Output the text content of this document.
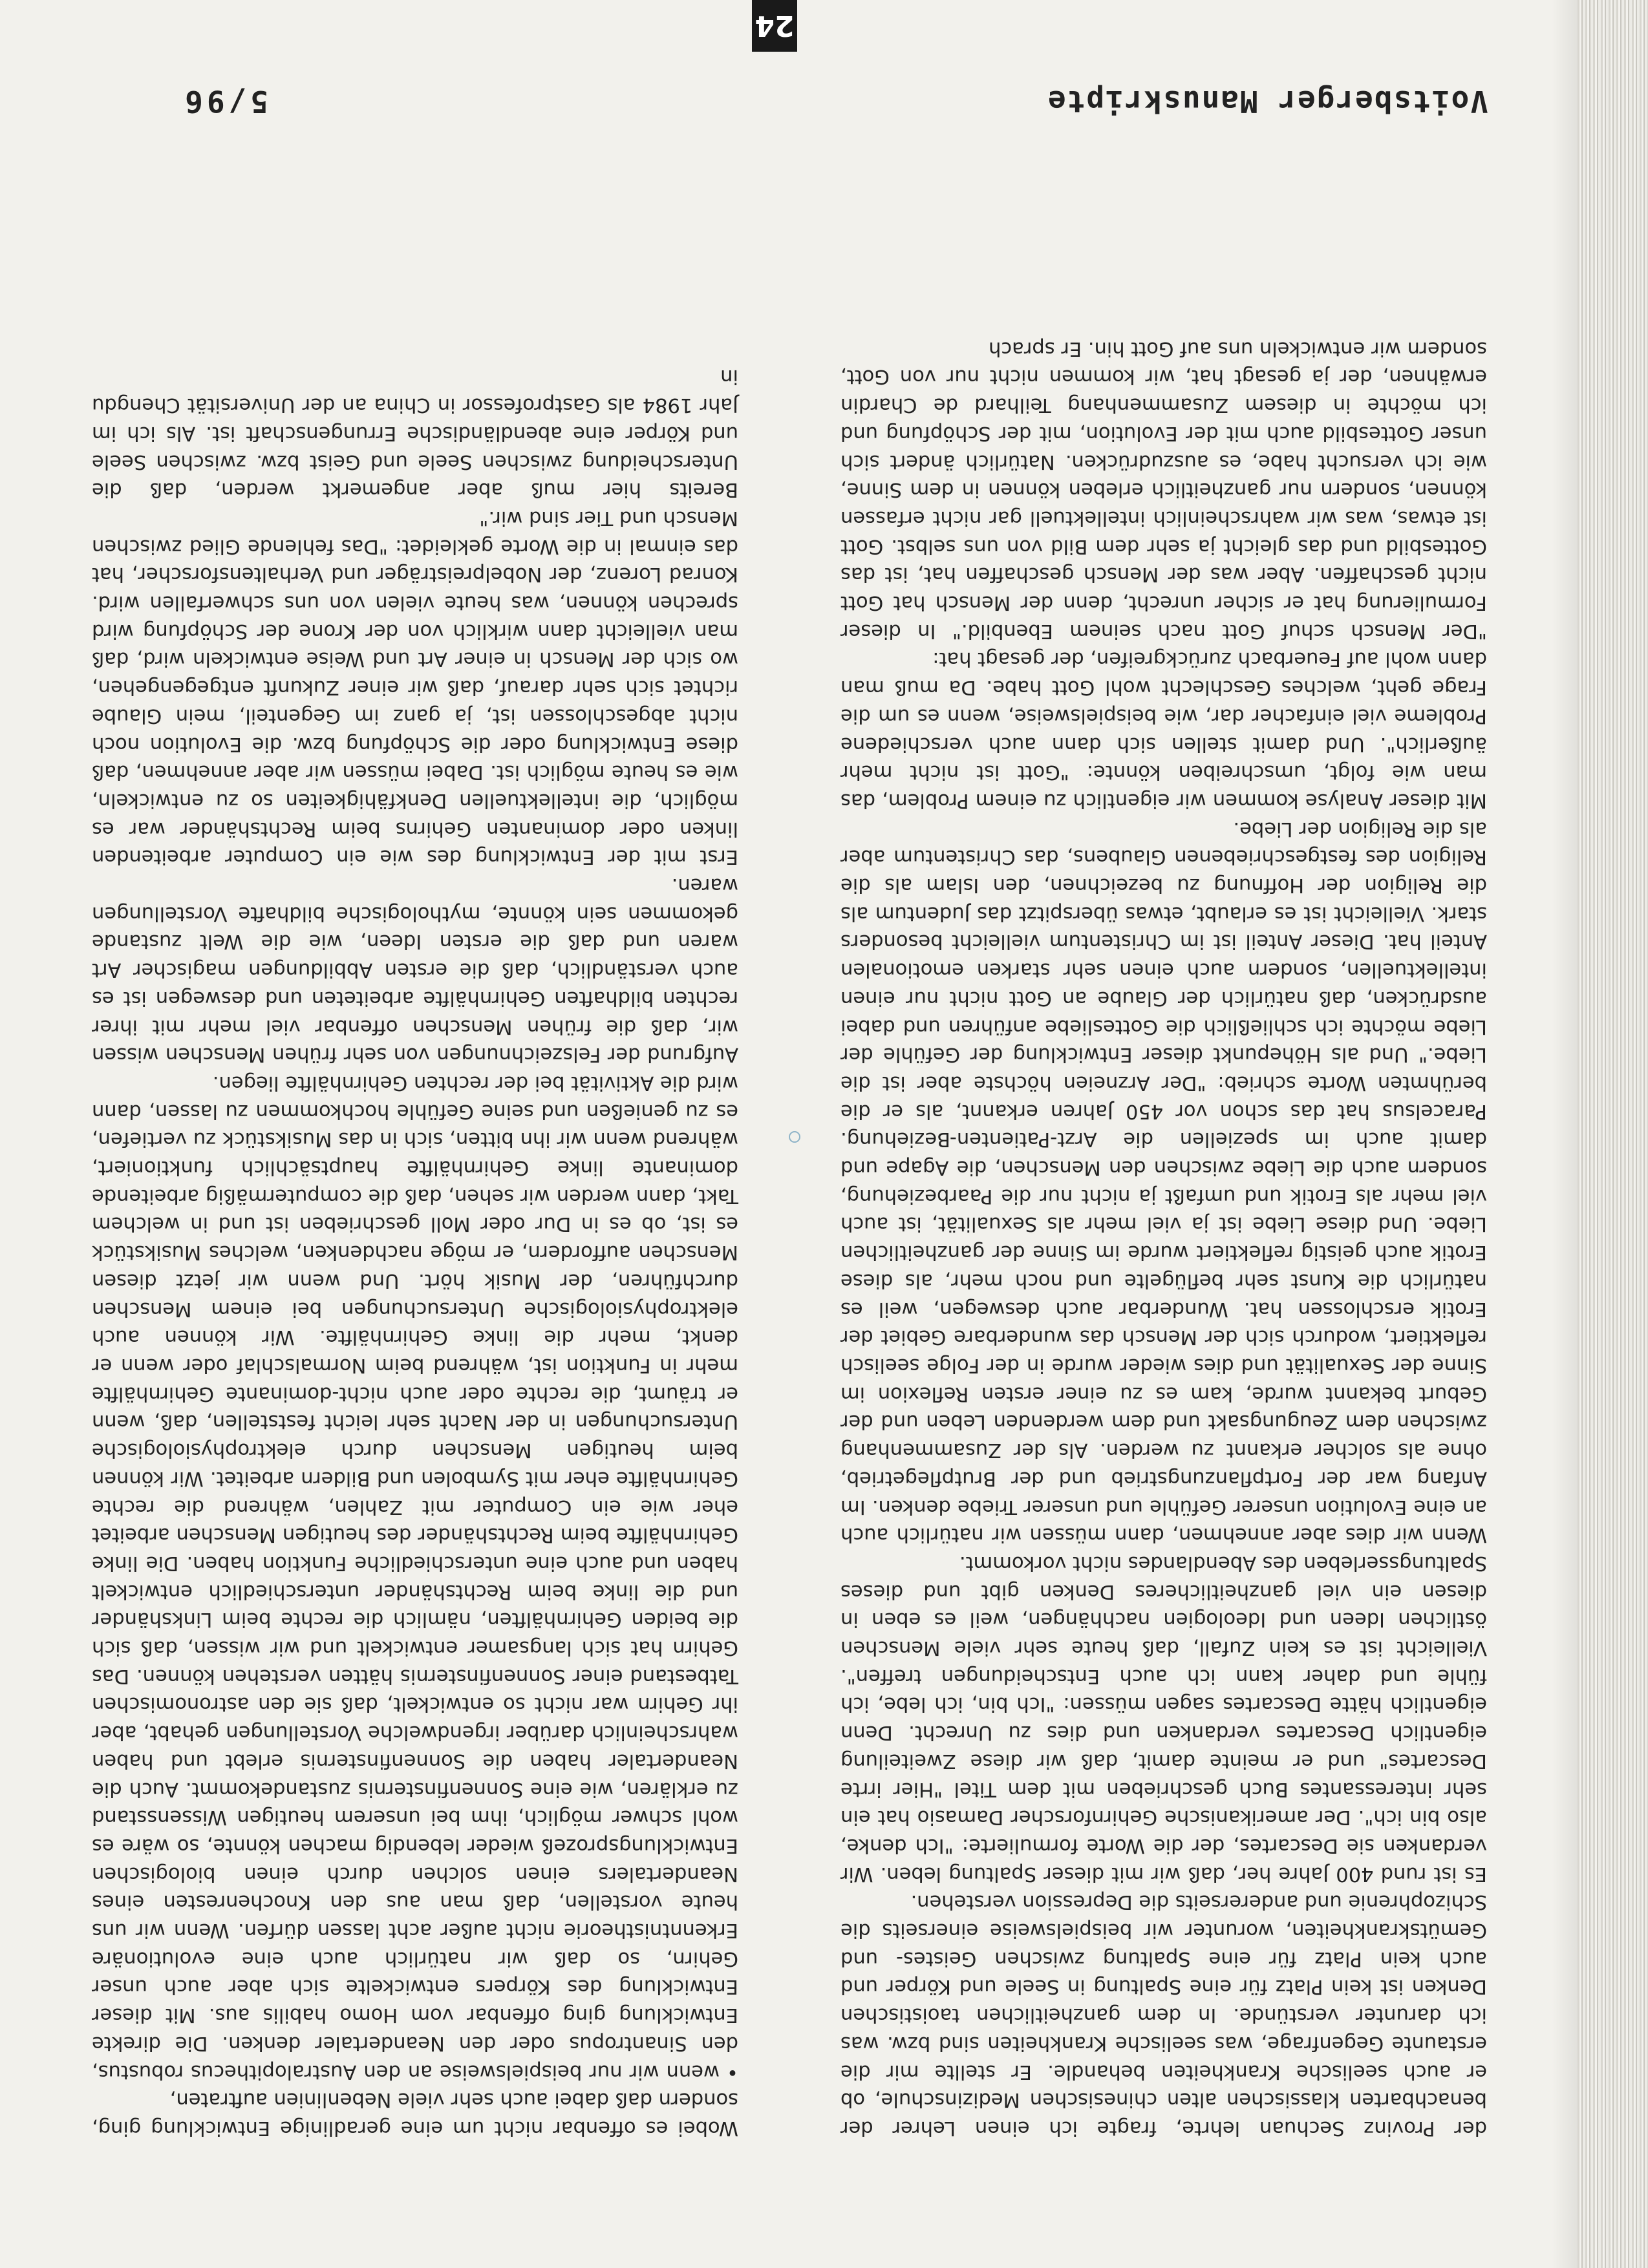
Wobei es offenbar nicht um eine geradlinige Entwicklung ging, sondern daß dabei auch sehr viele Nebenlinien auftraten,

• wenn wir nur beispielsweise an den Australopithecus robustus, den Sinantropus oder den Neandertaler denken. Die direkte Entwicklung ging offenbar vom Homo habilis aus. Mit dieser Entwicklung des Körpers entwickelte sich aber auch unser Gehirn, so daß wir natürlich auch eine evolutionäre Erkenntnistheorie nicht außer acht lassen dürfen. Wenn wir uns heute vorstellen, daß man aus den Knochenresten eines Neandertalers einen solchen durch einen biologischen Entwicklungsprozeß wieder lebendig machen könnte, so wäre es wohl schwer möglich, ihm bei unserem heutigen Wissensstand zu erklären, wie eine Sonnenfinsternis zustandekommt. Auch die Neandertaler haben die Sonnenfinsternis erlebt und haben wahrscheinlich darüber irgendwelche Vorstellungen gehabt, aber ihr Gehirn war nicht so entwickelt, daß sie den astronomischen Tatbestand einer Sonnenfinsternis hätten verstehen können. Das Gehirn hat sich langsamer entwickelt und wir wissen, daß sich die beiden Gehirnhälften, nämlich die rechte beim Linkshänder und die linke beim Rechtshänder unterschiedlich entwickelt haben und auch eine unterschiedliche Funktion haben. Die linke Gehirnhälfte beim Rechtshänder des heutigen Menschen arbeitet eher wie ein Computer mit Zahlen, während die rechte Gehirnhälfte eher mit Symbolen und Bildern arbeitet. Wir können beim heutigen Menschen durch elektrophysiologische Untersuchungen in der Nacht sehr leicht feststellen, daß, wenn er träumt, die rechte oder auch nicht-dominante Gehirnhälfte mehr in Funktion ist, während beim Normalschlaf oder wenn er denkt, mehr die linke Gehirnhälfte. Wir können auch elektrophysiologische Untersuchungen bei einem Menschen durchführen, der Musik hört. Und wenn wir jetzt diesen Menschen auffordern, er möge nachdenken, welches Musikstück es ist, ob es in Dur oder Moll geschrieben ist und in welchem Takt, dann werden wir sehen, daß die computermäßig arbeitende dominante linke Gehirnhälfte hauptsächlich funktioniert, während wenn wir ihn bitten, sich in das Musikstück zu vertiefen, es zu genießen und seine Gefühle hochkommen zu lassen, dann wird die Aktivität bei der rechten Gehirnhälfte liegen.

Aufgrund der Felszeichnungen von sehr frühen Menschen wissen wir, daß die frühen Menschen offenbar viel mehr mit ihrer rechten bildhaften Gehirnhälfte arbeiteten und deswegen ist es auch verständlich, daß die ersten Abbildungen magischer Art waren und daß die ersten Ideen, wie die Welt zustande gekommen sein könnte, mythologische bildhafte Vorstellungen waren.

Erst mit der Entwicklung des wie ein Computer arbeitenden linken oder dominanten Gehirns beim Rechtshänder war es möglich, die intellektuellen Denkfähigkeiten so zu entwickeln, wie es heute möglich ist. Dabei müssen wir aber annehmen, daß diese Entwicklung oder die Schöpfung bzw. die Evolution noch nicht abgeschlossen ist, ja ganz im Gegenteil, mein Glaube richtet sich sehr darauf, daß wir einer Zukunft entgegengehen, wo sich der Mensch in einer Art und Weise entwickeln wird, daß man vielleicht dann wirklich von der Krone der Schöpfung wird sprechen können, was heute vielen von uns schwerfallen wird. Konrad Lorenz, der Nobelpreisträger und Verhaltensforscher, hat das einmal in die Worte gekleidet: "Das fehlende Glied zwischen Mensch und Tier sind wir."

Bereits hier muß aber angemerkt werden, daß die Unterscheidung zwischen Seele und Geist bzw. zwischen Seele und Körper eine abendländische Errungenschaft ist. Als ich im Jahr 1984 als Gastprofessor in China an der Universität Chengdu in

der Provinz Sechuan lehrte, fragte ich einen Lehrer der benachbarten klassischen alten chinesischen Medizinschule, ob er auch seelische Krankheiten behandle. Er stellte mir die erstaunte Gegenfrage, was seelische Krankheiten sind bzw. was ich darunter verstünde. In dem ganzheitlichen taoistischen Denken ist kein Platz für eine Spaltung in Seele und Körper und auch kein Platz für eine Spaltung zwischen Geistes- und Gemütskrankheiten, worunter wir beispielsweise einerseits die Schizophrenie und andererseits die Depression verstehen.

Es ist rund 400 Jahre her, daß wir mit dieser Spaltung leben. Wir verdanken sie Descartes, der die Worte formulierte: "Ich denke, also bin ich". Der amerikanische Gehirnforscher Damasio hat ein sehr interessantes Buch geschrieben mit dem Titel "Hier irrte Descartes" und er meinte damit, daß wir diese Zweiteilung eigentlich Descartes verdanken und dies zu Unrecht. Denn eigentlich hätte Descartes sagen müssen: "Ich bin, ich lebe, ich fühle und daher kann ich auch Entscheidungen treffen". Vielleicht ist es kein Zufall, daß heute sehr viele Menschen östlichen Ideen und Ideologien nachhängen, weil es eben in diesen ein viel ganzheitlicheres Denken gibt und dieses Spaltungsserleben des Abendlandes nicht vorkommt.

Wenn wir dies aber annehmen, dann müssen wir natürlich auch an eine Evolution unserer Gefühle und unserer Triebe denken. Im Anfang war der Fortpflanzungstrieb und der Brutpflegetrieb, ohne als solcher erkannt zu werden. Als der Zusammenhang zwischen dem Zeugungsakt und dem werdenden Leben und der Geburt bekannt wurde, kam es zu einer ersten Reflexion im Sinne der Sexualität und dies wieder wurde in der Folge seelisch reflektiert, wodurch sich der Mensch das wunderbare Gebiet der Erotik erschlossen hat. Wunderbar auch deswegen, weil es natürlich die Kunst sehr beflügelte und noch mehr, als diese Erotik auch geistig reflektiert wurde im Sinne der ganzheitlichen Liebe. Und diese Liebe ist ja viel mehr als Sexualität, ist auch viel mehr als Erotik und umfaßt ja nicht nur die Paarbeziehung, sondern auch die Liebe zwischen den Menschen, die Agape und damit auch im speziellen die Arzt-Patienten-Beziehung. Paracelsus hat das schon vor 450 Jahren erkannt, als er die berühmten Worte schrieb: "Der Arzneien höchste aber ist die Liebe." Und als Höhepunkt dieser Entwicklung der Gefühle der Liebe möchte ich schließlich die Gottesliebe anführen und dabei ausdrücken, daß natürlich der Glaube an Gott nicht nur einen intellektuellen, sondern auch einen sehr starken emotionalen Anteil hat. Dieser Anteil ist im Christentum vielleicht besonders stark. Vielleicht ist es erlaubt, etwas überspitzt das Judentum als die Religion der Hoffnung zu bezeichnen, den Islam als die Religion des festgeschriebenen Glaubens, das Christentum aber als die Religion der Liebe.

Mit dieser Analyse kommen wir eigentlich zu einem Problem, das man wie folgt, umschreiben könnte: "Gott ist nicht mehr äußerlich". Und damit stellen sich dann auch verschiedene Probleme viel einfacher dar, wie beispielsweise, wenn es um die Frage geht, welches Geschlecht wohl Gott habe. Da muß man dann wohl auf Feuerbach zurückgreifen, der gesagt hat:

"Der Mensch schuf Gott nach seinem Ebenbild." In dieser Formulierung hat er sicher unrecht, denn der Mensch hat Gott nicht geschaffen. Aber was der Mensch geschaffen hat, ist das Gottesbild und das gleicht ja sehr dem Bild von uns selbst. Gott ist etwas, was wir wahrscheinlich intellektuell gar nicht erfassen können, sondern nur ganzheitlich erleben können in dem Sinne, wie ich versucht habe, es auszudrücken. Natürlich ändert sich unser Gottesbild auch mit der Evolution, mit der Schöpfung und ich möchte in diesem Zusammenhang Teilhard de Chardin erwähnen, der ja gesagt hat, wir kommen nicht nur von Gott, sondern wir entwickeln uns auf Gott hin. Er sprach

Voitsberger Manuskripte
5/96
24
